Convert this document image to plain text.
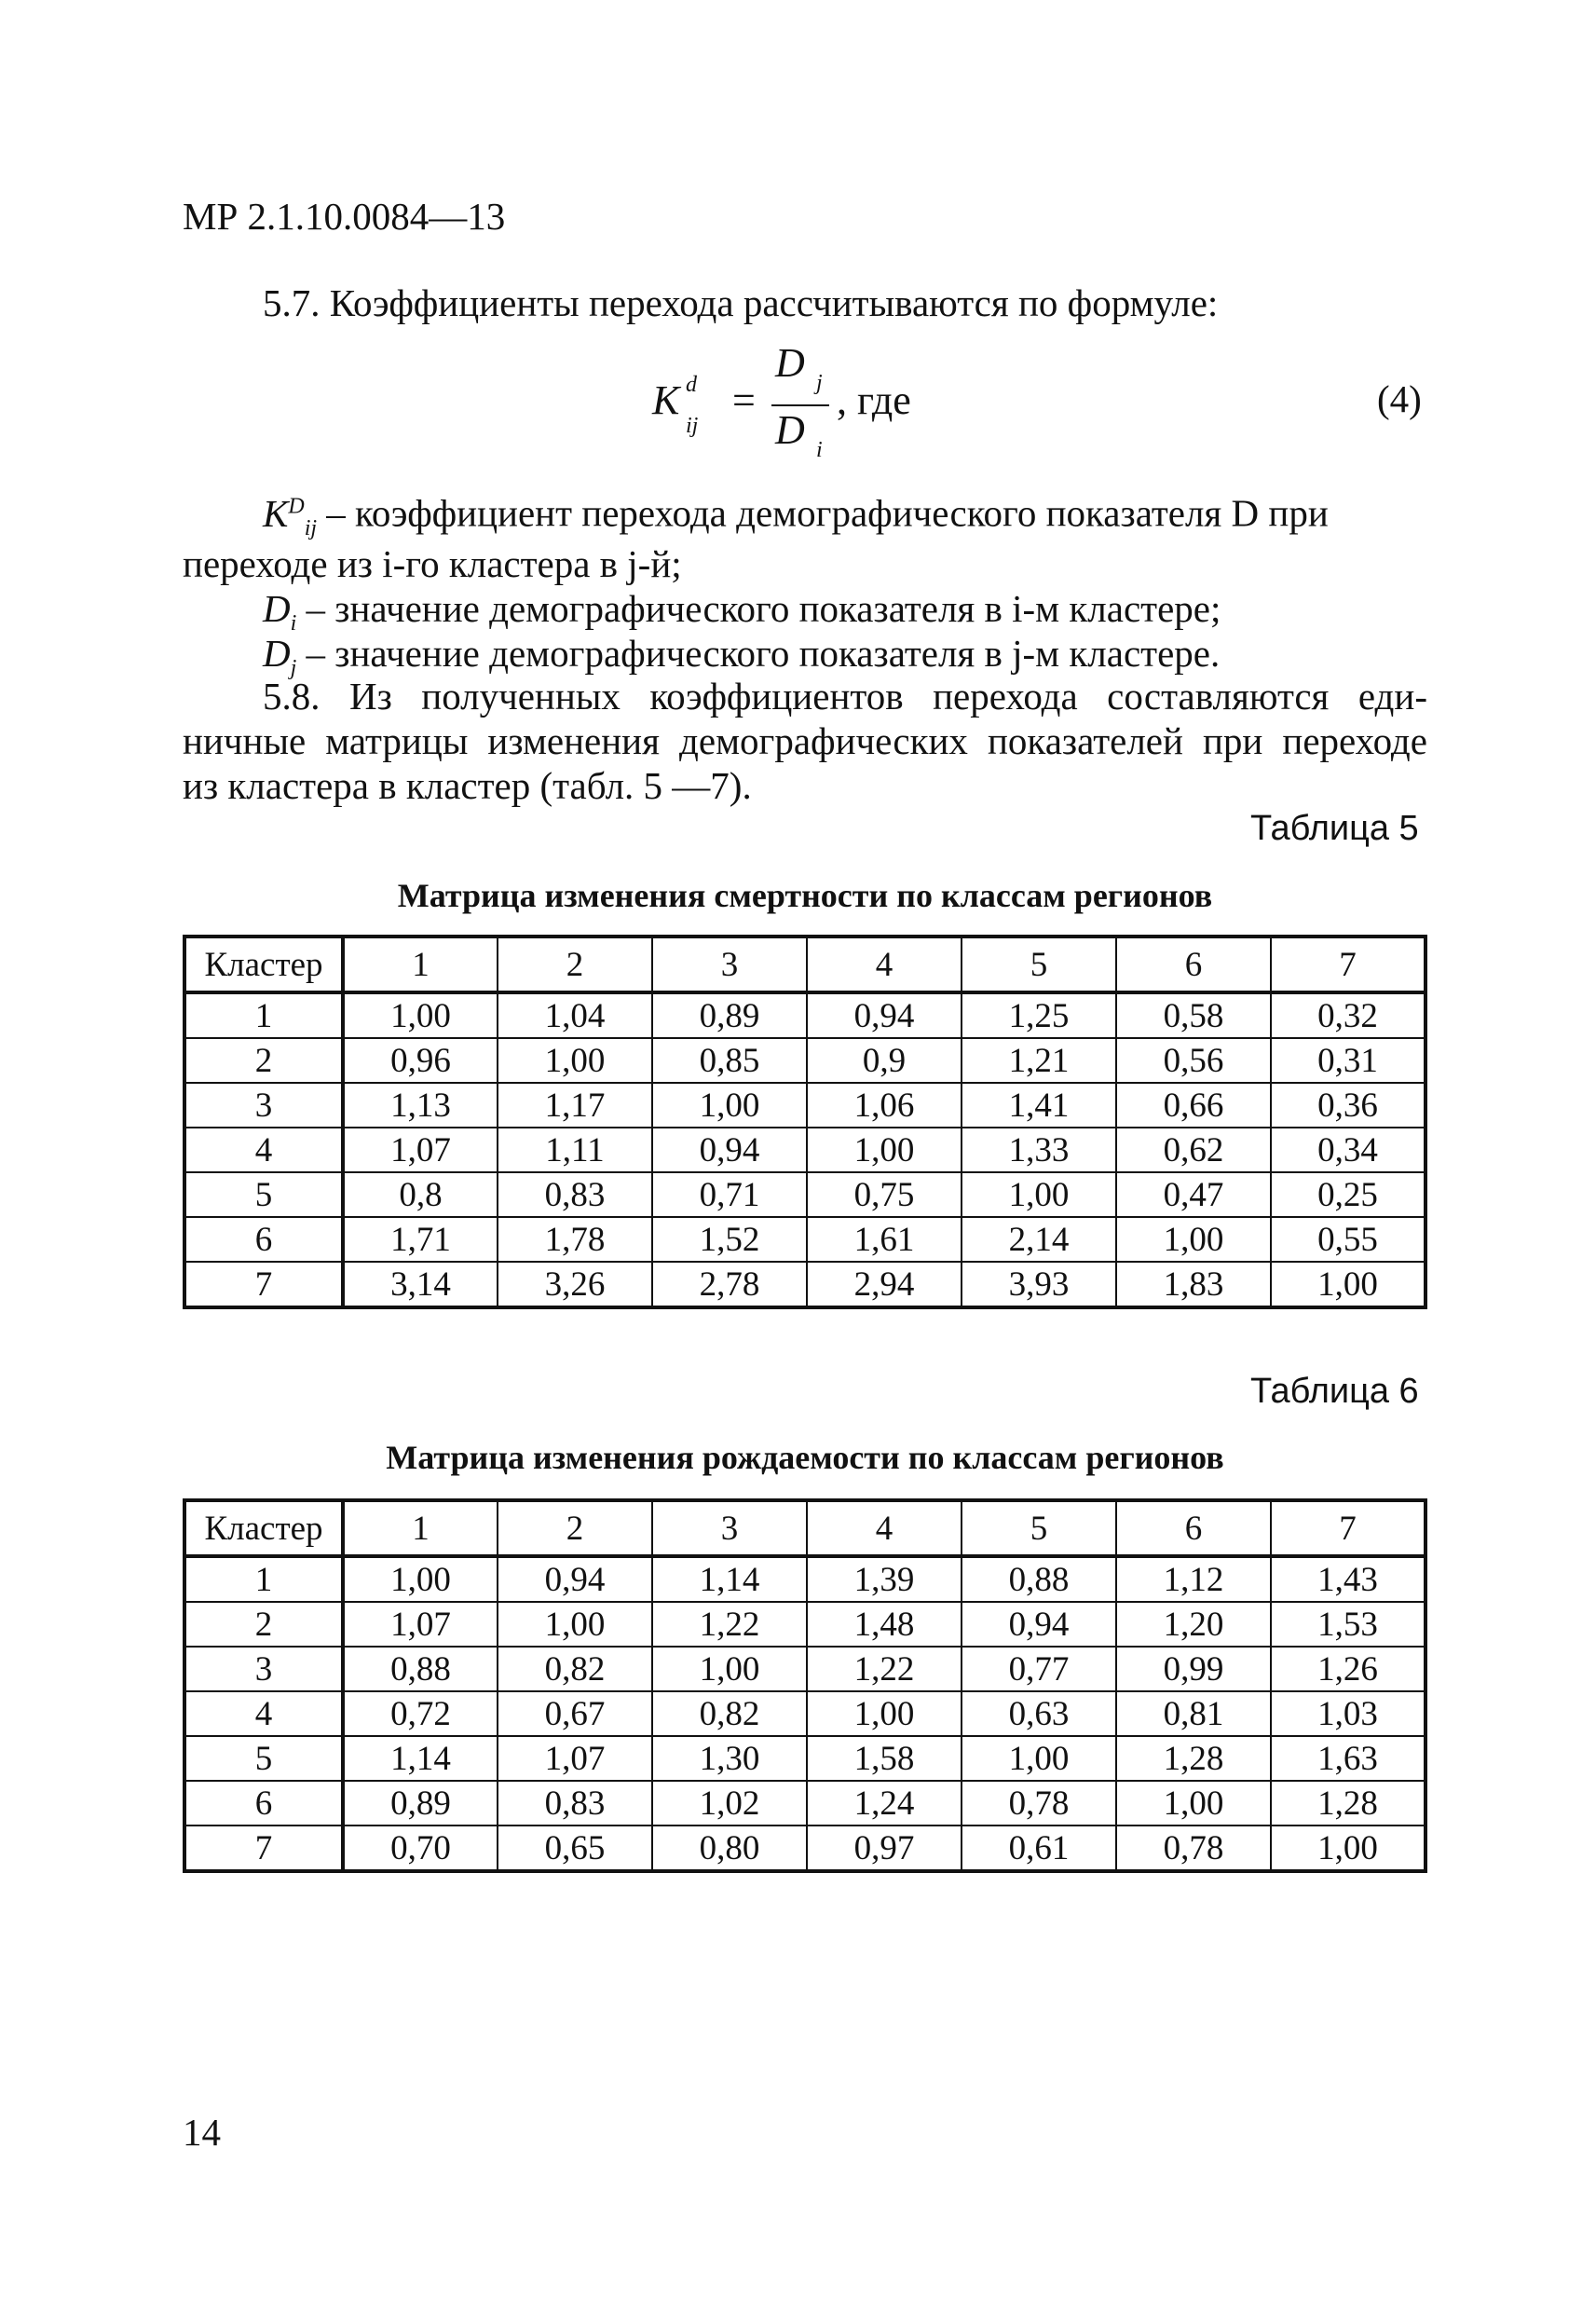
МР 2.1.10.0084—13
5.7. Коэффициенты перехода рассчитываются по формуле:
K d
ij
=
D j
D i
, где	(4)
$K^D_{ij}$ – коэффициент перехода демографического показателя D при
переходе из i-го кластера в j-й;
$D_i$ – значение демографического показателя в i-м кластере;
$D_j$ – значение демографического показателя в j-м кластере.
5.8. Из полученных коэффициентов перехода составляются еди-
ничные матрицы изменения демографических показателей при переходе
из кластера в кластер (табл. 5 —7).
Таблица 5
Матрица изменения смертности по классам регионов
Кластер	1	2	3	4	5	6	7
1	1,00	1,04	0,89	0,94	1,25	0,58	0,32
2	0,96	1,00	0,85	0,9	1,21	0,56	0,31
3	1,13	1,17	1,00	1,06	1,41	0,66	0,36
4	1,07	1,11	0,94	1,00	1,33	0,62	0,34
5	0,8	0,83	0,71	0,75	1,00	0,47	0,25
6	1,71	1,78	1,52	1,61	2,14	1,00	0,55
7	3,14	3,26	2,78	2,94	3,93	1,83	1,00
Таблица 6
Матрица изменения рождаемости по классам регионов
Кластер	1	2	3	4	5	6	7
1	1,00	0,94	1,14	1,39	0,88	1,12	1,43
2	1,07	1,00	1,22	1,48	0,94	1,20	1,53
3	0,88	0,82	1,00	1,22	0,77	0,99	1,26
4	0,72	0,67	0,82	1,00	0,63	0,81	1,03
5	1,14	1,07	1,30	1,58	1,00	1,28	1,63
6	0,89	0,83	1,02	1,24	0,78	1,00	1,28
7	0,70	0,65	0,80	0,97	0,61	0,78	1,00
14
